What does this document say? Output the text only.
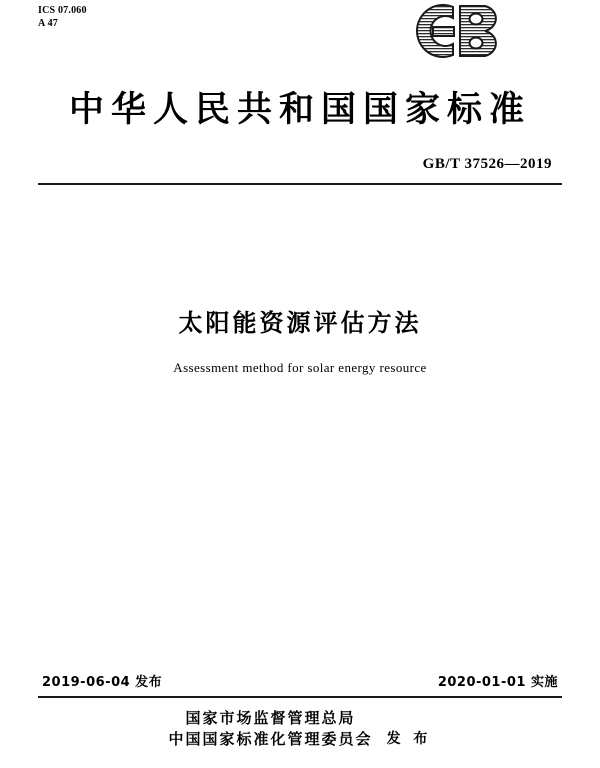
ICS 07.060
A 47
中华人民共和国国家标准
GB/T 37526—2019
太阳能资源评估方法
Assessment method for solar energy resource
2019-06-04 发布	2020-01-01 实施
国家市场监督管理总局
中国国家标准化管理委员会 发 布
